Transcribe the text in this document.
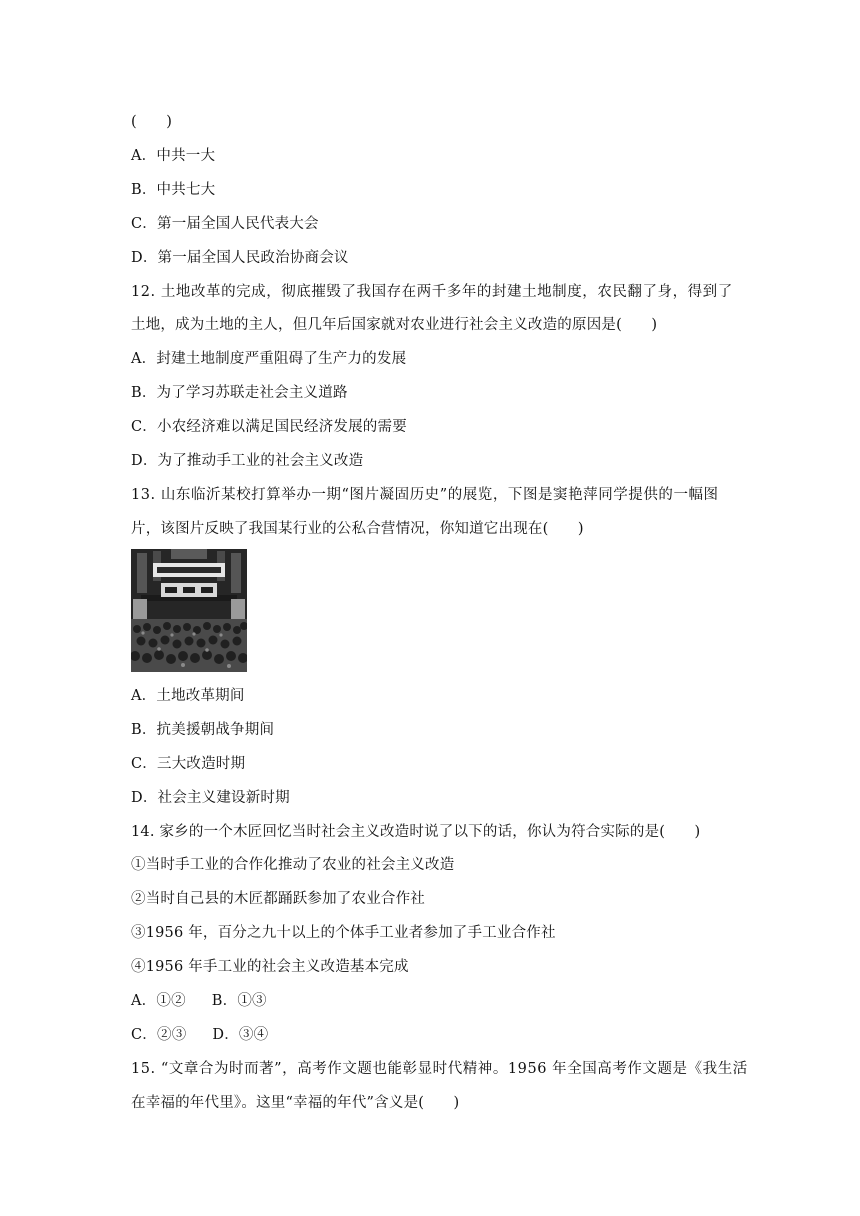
(　　)
A．中共一大
B．中共七大
C．第一届全国人民代表大会
D．第一届全国人民政治协商会议
12. 土地改革的完成，彻底摧毁了我国存在两千多年的封建土地制度，农民翻了身，得到了
土地，成为土地的主人，但几年后国家就对农业进行社会主义改造的原因是(　　)
A．封建土地制度严重阻碍了生产力的发展
B．为了学习苏联走社会主义道路
C．小农经济难以满足国民经济发展的需要
D．为了推动手工业的社会主义改造
13. 山东临沂某校打算举办一期“图片凝固历史”的展览，下图是窦艳萍同学提供的一幅图
片，该图片反映了我国某行业的公私合营情况，你知道它出现在(　　)
A．土地改革期间
B．抗美援朝战争期间
C．三大改造时期
D．社会主义建设新时期
14. 家乡的一个木匠回忆当时社会主义改造时说了以下的话，你认为符合实际的是(　　)
①当时手工业的合作化推动了农业的社会主义改造
②当时自己县的木匠都踊跃参加了农业合作社
③1956 年，百分之九十以上的个体手工业者参加了手工业合作社
④1956 年手工业的社会主义改造基本完成
A．①② B．①③
C．②③ D．③④
15. “文章合为时而著”，高考作文题也能彰显时代精神。1956 年全国高考作文题是《我生活
在幸福的年代里》。这里“幸福的年代”含义是(　　)
